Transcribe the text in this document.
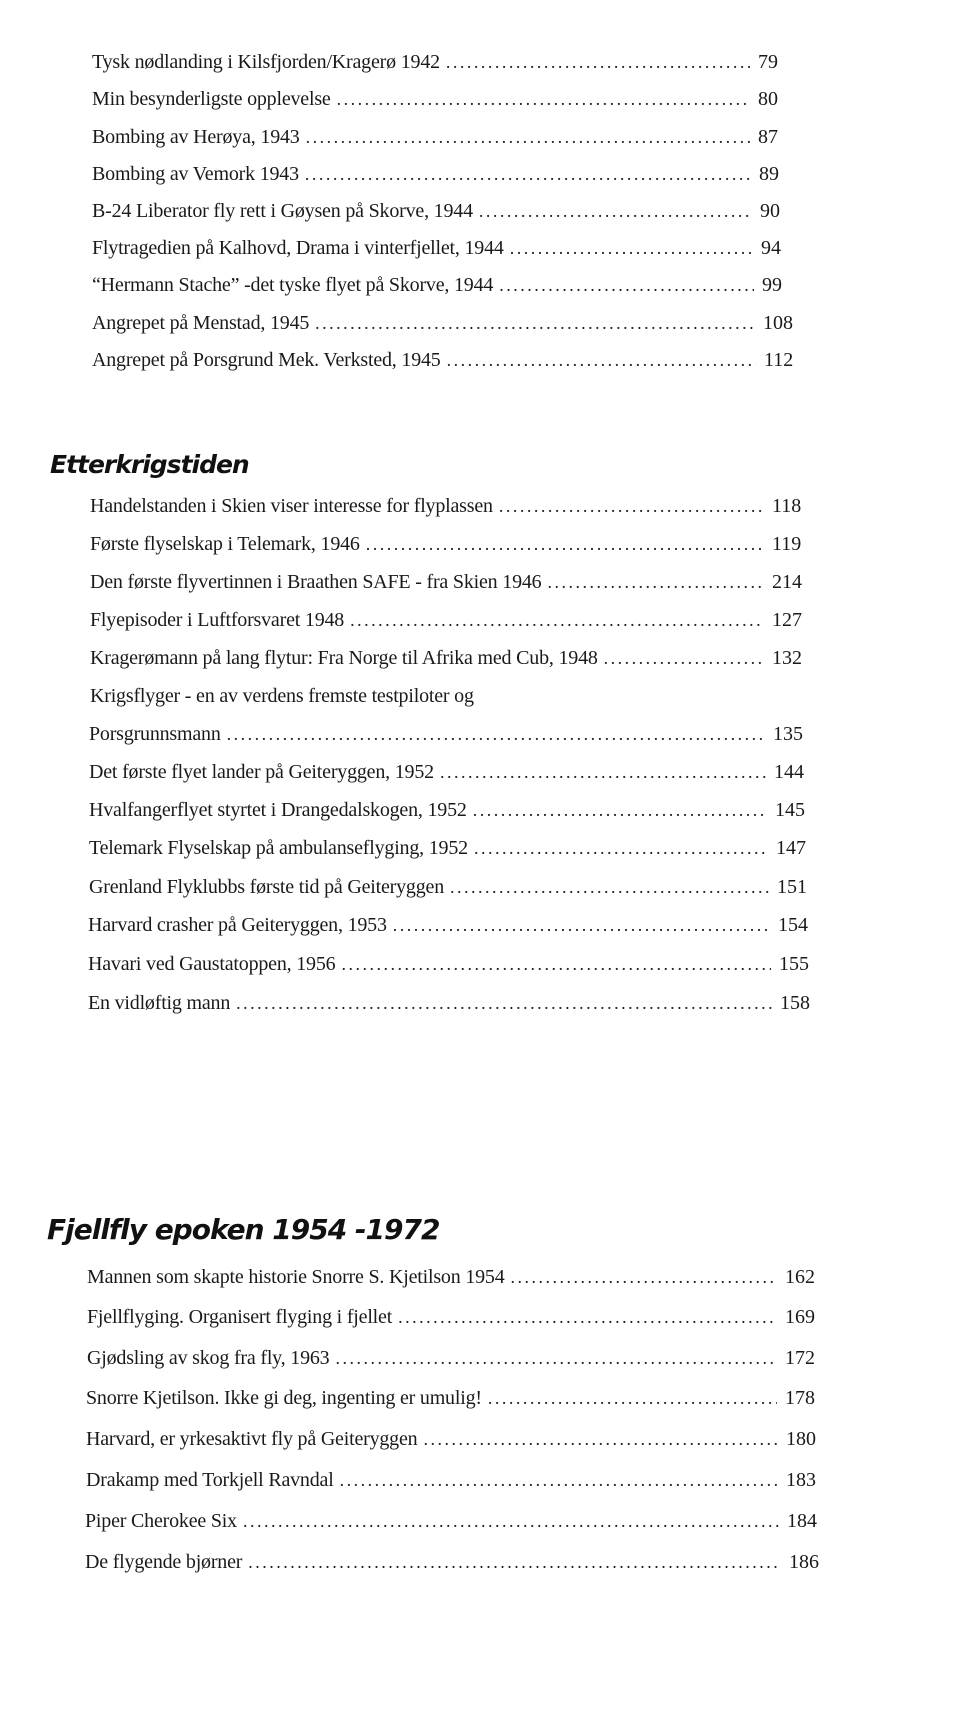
Tysk nødlanding i Kilsfjorden/Kragerø 1942 . . .	79
Min besynderligste opplevelse . . .	80
Bombing av Herøya, 1943 . . .	87
Bombing av Vemork 1943 . . .	89
B-24 Liberator fly rett i Gøysen på Skorve, 1944 . . .	90
Flytragedien på Kalhovd, Drama i vinterfjellet, 1944 . . .	94
“Hermann Stache” -det tyske flyet på Skorve, 1944 . . .	99
Angrepet på Menstad, 1945 . . .	108
Angrepet på Porsgrund Mek. Verksted, 1945 . . .	112
Etterkrigstiden
Handelstanden i Skien viser interesse for flyplassen . . .	118
Første flyselskap i Telemark, 1946 . . .	119
Den første flyvertinnen i Braathen SAFE - fra Skien 1946 . . .	214
Flyepisoder i Luftforsvaret 1948 . . .	127
Kragerømann på lang flytur: Fra Norge til Afrika med Cub, 1948 . . .	132
Krigsflyger - en av verdens fremste testpiloter og
Porsgrunnsmann . . .	135
Det første flyet lander på Geiteryggen, 1952 . . .	144
Hvalfangerflyet styrtet i Drangedalskogen, 1952 . . .	145
Telemark Flyselskap på ambulanseflyging, 1952 . . .	147
Grenland Flyklubbs første tid på Geiteryggen . . .	151
Harvard crasher på Geiteryggen, 1953 . . .	154
Havari ved Gaustatoppen, 1956 . . .	155
En vidløftig mann . . .	158
Fjellfly epoken 1954 -1972
Mannen som skapte historie Snorre S. Kjetilson 1954 . . .	162
Fjellflyging. Organisert flyging i fjellet . . .	169
Gjødsling av skog fra fly, 1963 . . .	172
Snorre Kjetilson. Ikke gi deg, ingenting er umulig! . . .	178
Harvard, er yrkesaktivt fly på Geiteryggen . . .	180
Drakamp med Torkjell Ravndal . . .	183
Piper Cherokee Six . . .	184
De flygende bjørner . . .	186
